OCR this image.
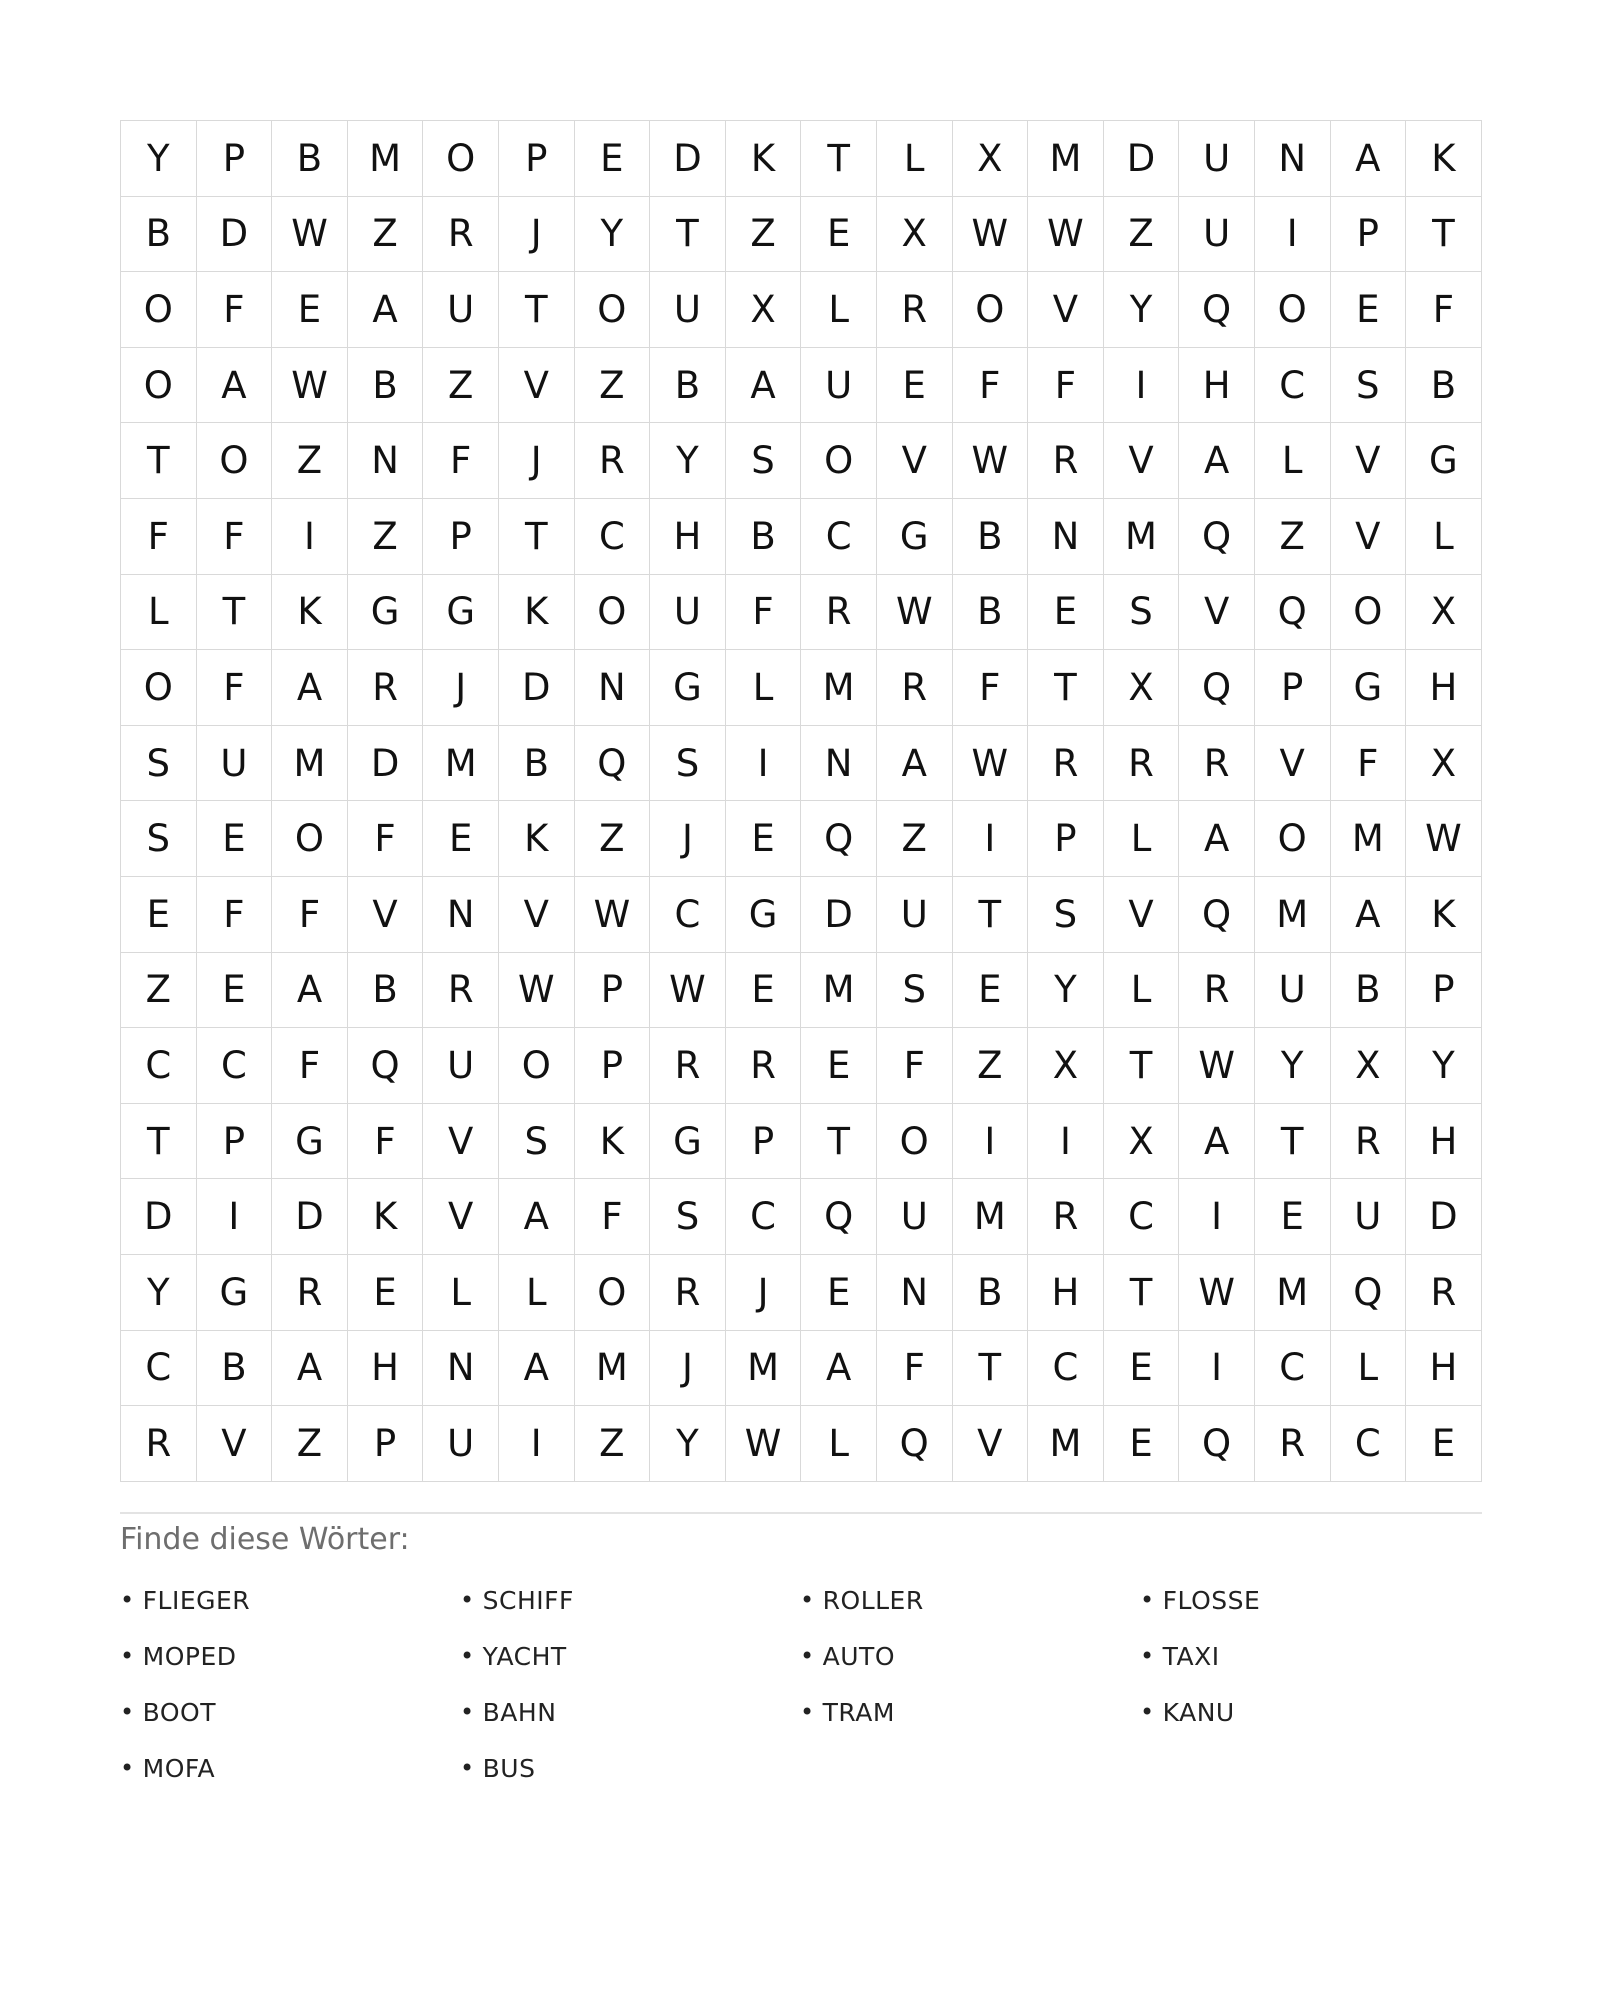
Y	P	B	M	O	P	E	D	K	T	L	X	M	D	U	N	A	K
B	D	W	Z	R	J	Y	T	Z	E	X	W	W	Z	U	I	P	T
O	F	E	A	U	T	O	U	X	L	R	O	V	Y	Q	O	E	F
O	A	W	B	Z	V	Z	B	A	U	E	F	F	I	H	C	S	B
T	O	Z	N	F	J	R	Y	S	O	V	W	R	V	A	L	V	G
F	F	I	Z	P	T	C	H	B	C	G	B	N	M	Q	Z	V	L
L	T	K	G	G	K	O	U	F	R	W	B	E	S	V	Q	O	X
O	F	A	R	J	D	N	G	L	M	R	F	T	X	Q	P	G	H
S	U	M	D	M	B	Q	S	I	N	A	W	R	R	R	V	F	X
S	E	O	F	E	K	Z	J	E	Q	Z	I	P	L	A	O	M	W
E	F	F	V	N	V	W	C	G	D	U	T	S	V	Q	M	A	K
Z	E	A	B	R	W	P	W	E	M	S	E	Y	L	R	U	B	P
C	C	F	Q	U	O	P	R	R	E	F	Z	X	T	W	Y	X	Y
T	P	G	F	V	S	K	G	P	T	O	I	I	X	A	T	R	H
D	I	D	K	V	A	F	S	C	Q	U	M	R	C	I	E	U	D
Y	G	R	E	L	L	O	R	J	E	N	B	H	T	W	M	Q	R
C	B	A	H	N	A	M	J	M	A	F	T	C	E	I	C	L	H
R	V	Z	P	U	I	Z	Y	W	L	Q	V	M	E	Q	R	C	E
Finde diese Wörter:
• FLIEGER	• SCHIFF	• ROLLER	• FLOSSE
• MOPED	• YACHT	• AUTO	• TAXI
• BOOT	• BAHN	• TRAM	• KANU
• MOFA	• BUS
